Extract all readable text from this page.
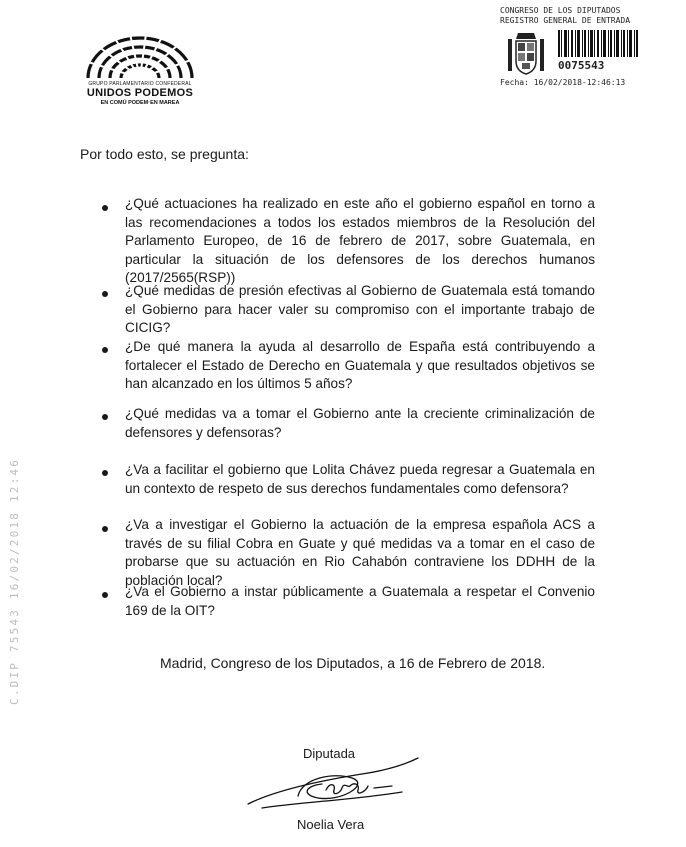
GRUPO PARLAMENTARIO CONFEDERAL
UNIDOS PODEMOS
EN COMÚ PODEM·EN MAREA
CONGRESO DE LOS DIPUTADOS
REGISTRO GENERAL DE ENTRADA
0075543
Fecha: 16/02/2018-12:46:13
C.DIP 75543 16/02/2018 12:46
Por todo esto, se pregunta:
¿Qué actuaciones ha realizado en este año el gobierno español en torno a las recomendaciones a todos los estados miembros de la Resolución del Parlamento Europeo, de 16 de febrero de 2017, sobre Guatemala, en particular la situación de los defensores de los derechos humanos (2017/2565(RSP))
¿Qué medidas de presión efectivas al Gobierno de Guatemala está tomando el Gobierno para hacer valer su compromiso con el importante trabajo de CICIG?
¿De qué manera la ayuda al desarrollo de España está contribuyendo a fortalecer el Estado de Derecho en Guatemala y que resultados objetivos se han alcanzado en los últimos 5 años?
¿Qué medidas va a tomar el Gobierno ante la creciente criminalización de defensores y defensoras?
¿Va a facilitar el gobierno que Lolita Chávez pueda regresar a Guatemala en un contexto de respeto de sus derechos fundamentales como defensora?
¿Va a investigar el Gobierno la actuación de la empresa española ACS a través de su filial Cobra en Guate y qué medidas va a tomar en el caso de probarse que su actuación en Rio Cahabón contraviene los DDHH de la población local?
¿Va el Gobierno a instar públicamente a Guatemala a respetar el Convenio 169 de la OIT?
Madrid, Congreso de los Diputados, a 16 de Febrero de 2018.
Diputada
Noelia Vera
